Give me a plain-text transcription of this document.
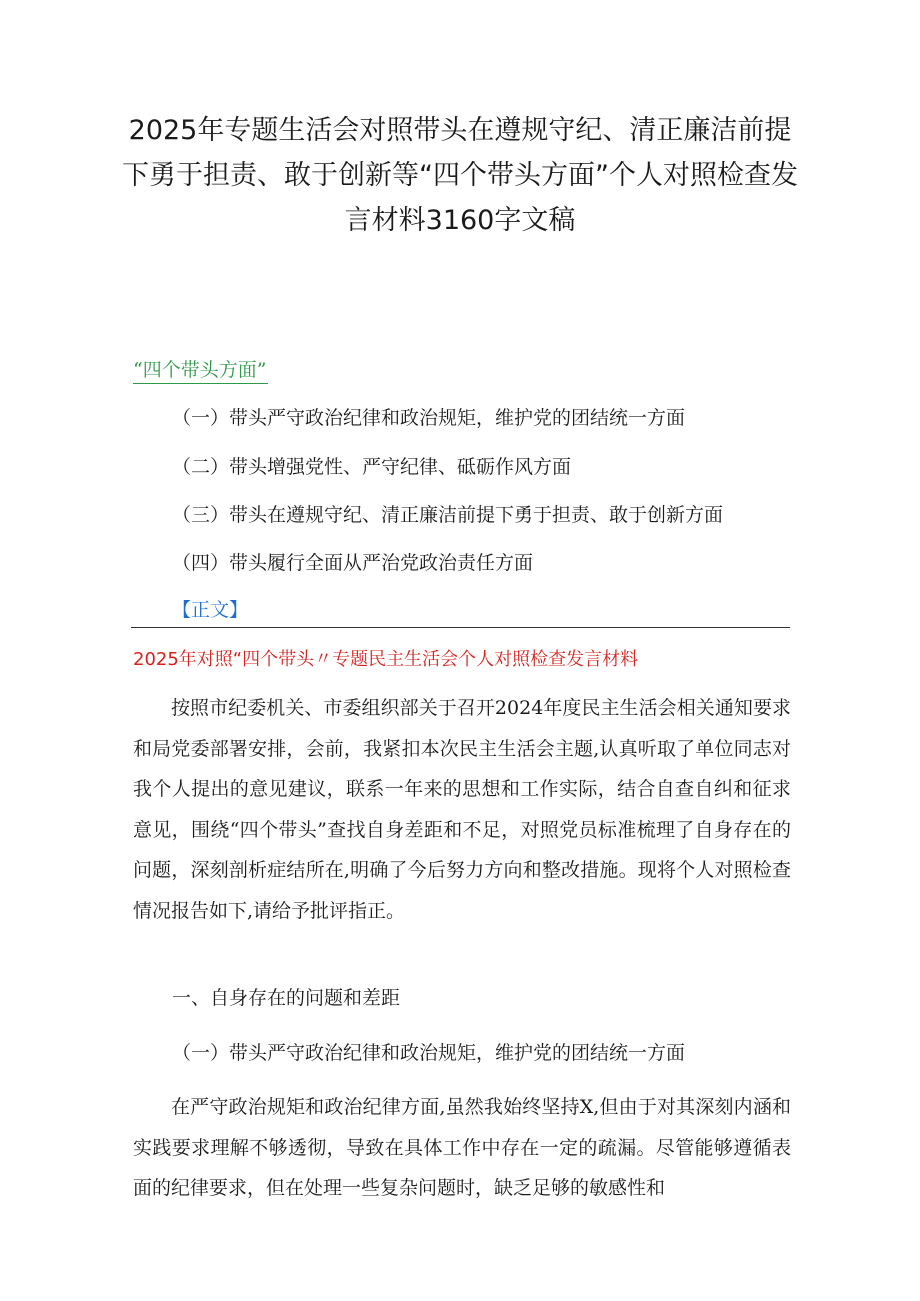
2025年专题生活会对照带头在遵规守纪、清正廉洁前提下勇于担责、敢于创新等“四个带头方面”个人对照检查发言材料3160字文稿

“四个带头方面”

（一）带头严守政治纪律和政治规矩，维护党的团结统一方面

（二）带头增强党性、严守纪律、砥砺作风方面

（三）带头在遵规守纪、清正廉洁前提下勇于担责、敢于创新方面

（四）带头履行全面从严治党政治责任方面

【正文】

2025年对照“四个带头〃专题民主生活会个人对照检查发言材料

按照市纪委机关、市委组织部关于召开2024年度民主生活会相关通知要求和局党委部署安排，会前，我紧扣本次民主生活会主题,认真听取了单位同志对我个人提出的意见建议，联系一年来的思想和工作实际，结合自查自纠和征求意见，围绕“四个带头”查找自身差距和不足，对照党员标准梳理了自身存在的问题，深刻剖析症结所在,明确了今后努力方向和整改措施。现将个人对照检查情况报告如下,请给予批评指正。

一、自身存在的问题和差距

（一）带头严守政治纪律和政治规矩，维护党的团结统一方面

在严守政治规矩和政治纪律方面,虽然我始终坚持X,但由于对其深刻内涵和实践要求理解不够透彻，导致在具体工作中存在一定的疏漏。尽管能够遵循表面的纪律要求，但在处理一些复杂问题时，缺乏足够的敏感性和
